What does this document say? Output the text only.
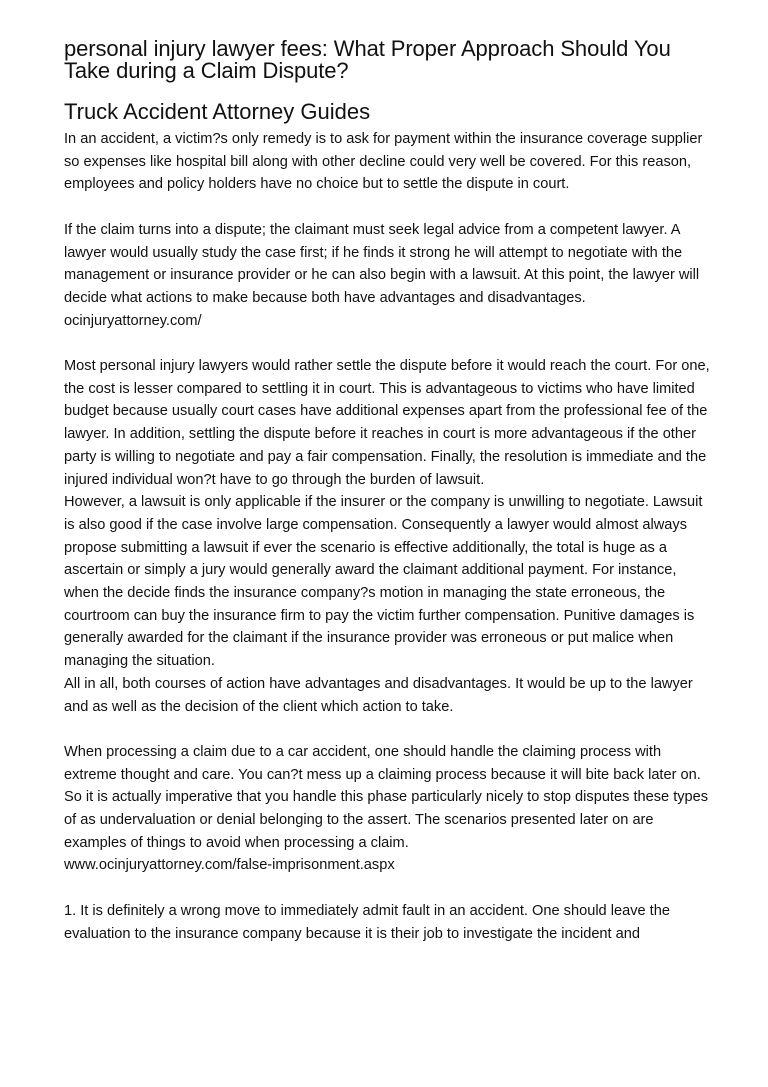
personal injury lawyer fees: What Proper Approach Should You Take during a Claim Dispute?
Truck Accident Attorney Guides

In an accident, a victim?s only remedy is to ask for payment within the insurance coverage supplier so expenses like hospital bill along with other decline could very well be covered. For this reason, employees and policy holders have no choice but to settle the dispute in court.

If the claim turns into a dispute; the claimant must seek legal advice from a competent lawyer. A lawyer would usually study the case first; if he finds it strong he will attempt to negotiate with the management or insurance provider or he can also begin with a lawsuit. At this point, the lawyer will decide what actions to make because both have advantages and disadvantages.

ocinjuryattorney.com/

Most personal injury lawyers would rather settle the dispute before it would reach the court. For one, the cost is lesser compared to settling it in court. This is advantageous to victims who have limited budget because usually court cases have additional expenses apart from the professional fee of the lawyer. In addition, settling the dispute before it reaches in court is more advantageous if the other party is willing to negotiate and pay a fair compensation. Finally, the resolution is immediate and the injured individual won?t have to go through the burden of lawsuit.

However, a lawsuit is only applicable if the insurer or the company is unwilling to negotiate. Lawsuit is also good if the case involve large compensation. Consequently a lawyer would almost always propose submitting a lawsuit if ever the scenario is effective additionally, the total is huge as a ascertain or simply a jury would generally award the claimant additional payment. For instance, when the decide finds the insurance company?s motion in managing the state erroneous, the courtroom can buy the insurance firm to pay the victim further compensation. Punitive damages is generally awarded for the claimant if the insurance provider was erroneous or put malice when managing the situation.

All in all, both courses of action have advantages and disadvantages. It would be up to the lawyer and as well as the decision of the client which action to take.

When processing a claim due to a car accident, one should handle the claiming process with extreme thought and care. You can?t mess up a claiming process because it will bite back later on. So it is actually imperative that you handle this phase particularly nicely to stop disputes these types of as undervaluation or denial belonging to the assert. The scenarios presented later on are examples of things to avoid when processing a claim.

www.ocinjuryattorney.com/false-imprisonment.aspx

1. It is definitely a wrong move to immediately admit fault in an accident. One should leave the evaluation to the insurance company because it is their job to investigate the incident and
